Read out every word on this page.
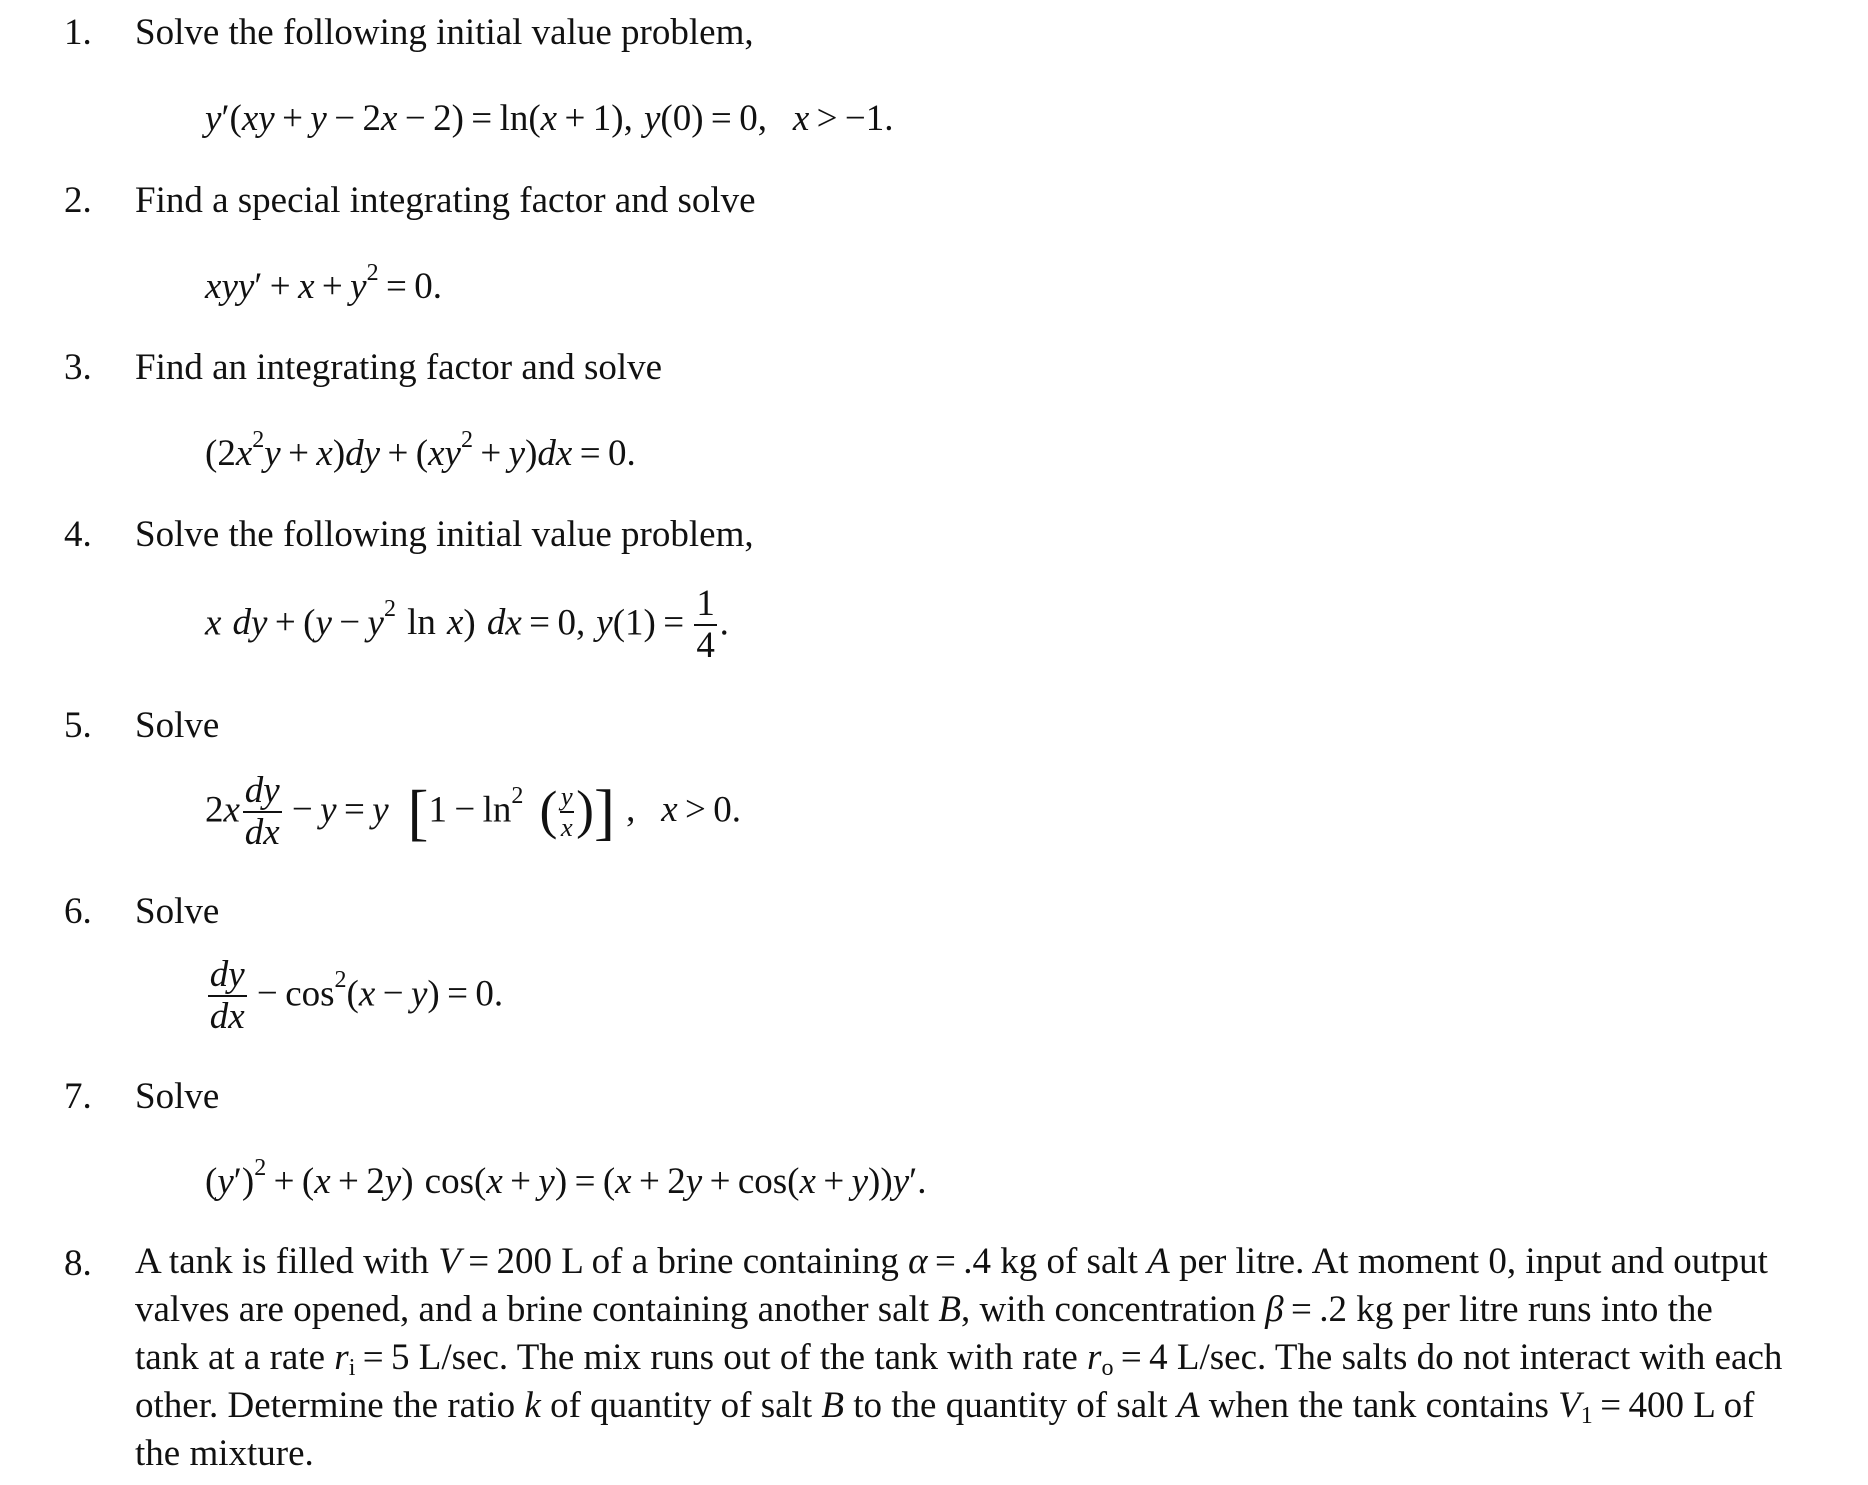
1. Solve the following initial value problem,
y′(xy + y − 2x − 2) = ln(x + 1), y(0) = 0, x > −1.
2. Find a special integrating factor and solve
$xyy' + x + y^2 = 0$.
3. Find an integrating factor and solve
$(2x^2y + x)dy + (xy^2 + y)dx = 0$.
4. Solve the following initial value problem,
x dy + ($y - y^2$ ln x) dx = 0, $y(1) = \frac{1}{4}$ .
5. Solve
$2x \frac{dy}{dx} - y = y$ [$1 - \ln^2$ ( $\frac{y}{x}$ )] , x > 0.
6. Solve
$\frac{dy}{dx} - \cos^2(x - y) = 0$.
7. Solve
$(y')^2 + (x + 2y) \cos(x + y) = (x + 2y + \cos(x + y))y'$.
8. A tank is filled with V = 200 L of a brine containing α = .4 kg of salt A per litre. At moment 0, input and output valves are opened, and a brine containing another salt B, with concentration β = .2 kg per litre runs into the tank at a rate $r_i = 5$ L/sec. The mix runs out of the tank with rate $r_o = 4$ L/sec. The salts do not interact with each other. Determine the ratio k of quantity of salt B to the quantity of salt A when the tank contains $V_1 = 400$ L of the mixture.
